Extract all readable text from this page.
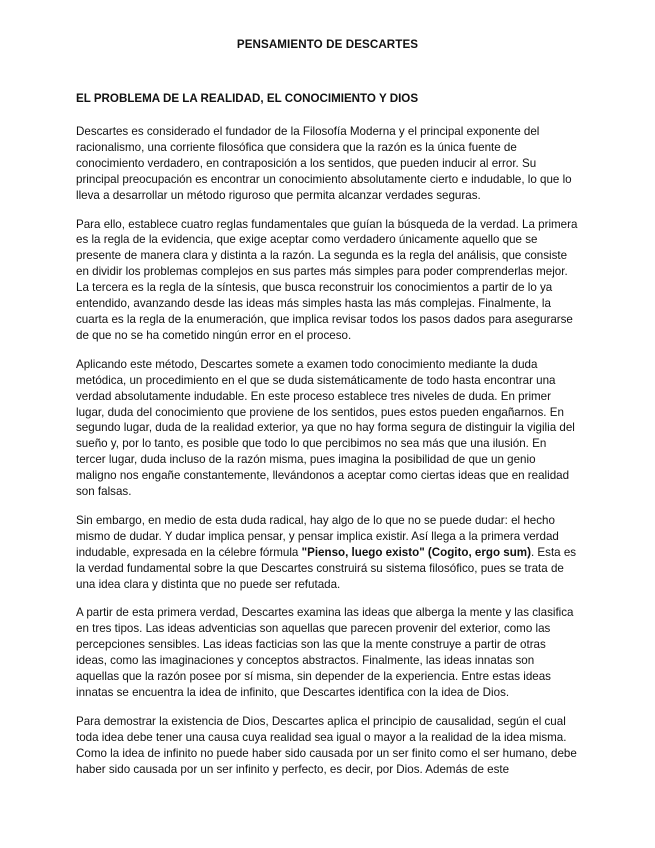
PENSAMIENTO DE DESCARTES
EL PROBLEMA DE LA REALIDAD, EL CONOCIMIENTO Y DIOS

Descartes es considerado el fundador de la Filosofía Moderna y el principal exponente del racionalismo, una corriente filosófica que considera que la razón es la única fuente de conocimiento verdadero, en contraposición a los sentidos, que pueden inducir al error. Su principal preocupación es encontrar un conocimiento absolutamente cierto e indudable, lo que lo lleva a desarrollar un método riguroso que permita alcanzar verdades seguras.

Para ello, establece cuatro reglas fundamentales que guían la búsqueda de la verdad. La primera es la regla de la evidencia, que exige aceptar como verdadero únicamente aquello que se presente de manera clara y distinta a la razón. La segunda es la regla del análisis, que consiste en dividir los problemas complejos en sus partes más simples para poder comprenderlas mejor. La tercera es la regla de la síntesis, que busca reconstruir los conocimientos a partir de lo ya entendido, avanzando desde las ideas más simples hasta las más complejas. Finalmente, la cuarta es la regla de la enumeración, que implica revisar todos los pasos dados para asegurarse de que no se ha cometido ningún error en el proceso.

Aplicando este método, Descartes somete a examen todo conocimiento mediante la duda metódica, un procedimiento en el que se duda sistemáticamente de todo hasta encontrar una verdad absolutamente indudable. En este proceso establece tres niveles de duda. En primer lugar, duda del conocimiento que proviene de los sentidos, pues estos pueden engañarnos. En segundo lugar, duda de la realidad exterior, ya que no hay forma segura de distinguir la vigilia del sueño y, por lo tanto, es posible que todo lo que percibimos no sea más que una ilusión. En tercer lugar, duda incluso de la razón misma, pues imagina la posibilidad de que un genio maligno nos engañe constantemente, llevándonos a aceptar como ciertas ideas que en realidad son falsas.

Sin embargo, en medio de esta duda radical, hay algo de lo que no se puede dudar: el hecho mismo de dudar. Y dudar implica pensar, y pensar implica existir. Así llega a la primera verdad indudable, expresada en la célebre fórmula "Pienso, luego existo" (Cogito, ergo sum). Esta es la verdad fundamental sobre la que Descartes construirá su sistema filosófico, pues se trata de una idea clara y distinta que no puede ser refutada.

A partir de esta primera verdad, Descartes examina las ideas que alberga la mente y las clasifica en tres tipos. Las ideas adventicias son aquellas que parecen provenir del exterior, como las percepciones sensibles. Las ideas facticias son las que la mente construye a partir de otras ideas, como las imaginaciones y conceptos abstractos. Finalmente, las ideas innatas son aquellas que la razón posee por sí misma, sin depender de la experiencia. Entre estas ideas innatas se encuentra la idea de infinito, que Descartes identifica con la idea de Dios.

Para demostrar la existencia de Dios, Descartes aplica el principio de causalidad, según el cual toda idea debe tener una causa cuya realidad sea igual o mayor a la realidad de la idea misma. Como la idea de infinito no puede haber sido causada por un ser finito como el ser humano, debe haber sido causada por un ser infinito y perfecto, es decir, por Dios. Además de este
